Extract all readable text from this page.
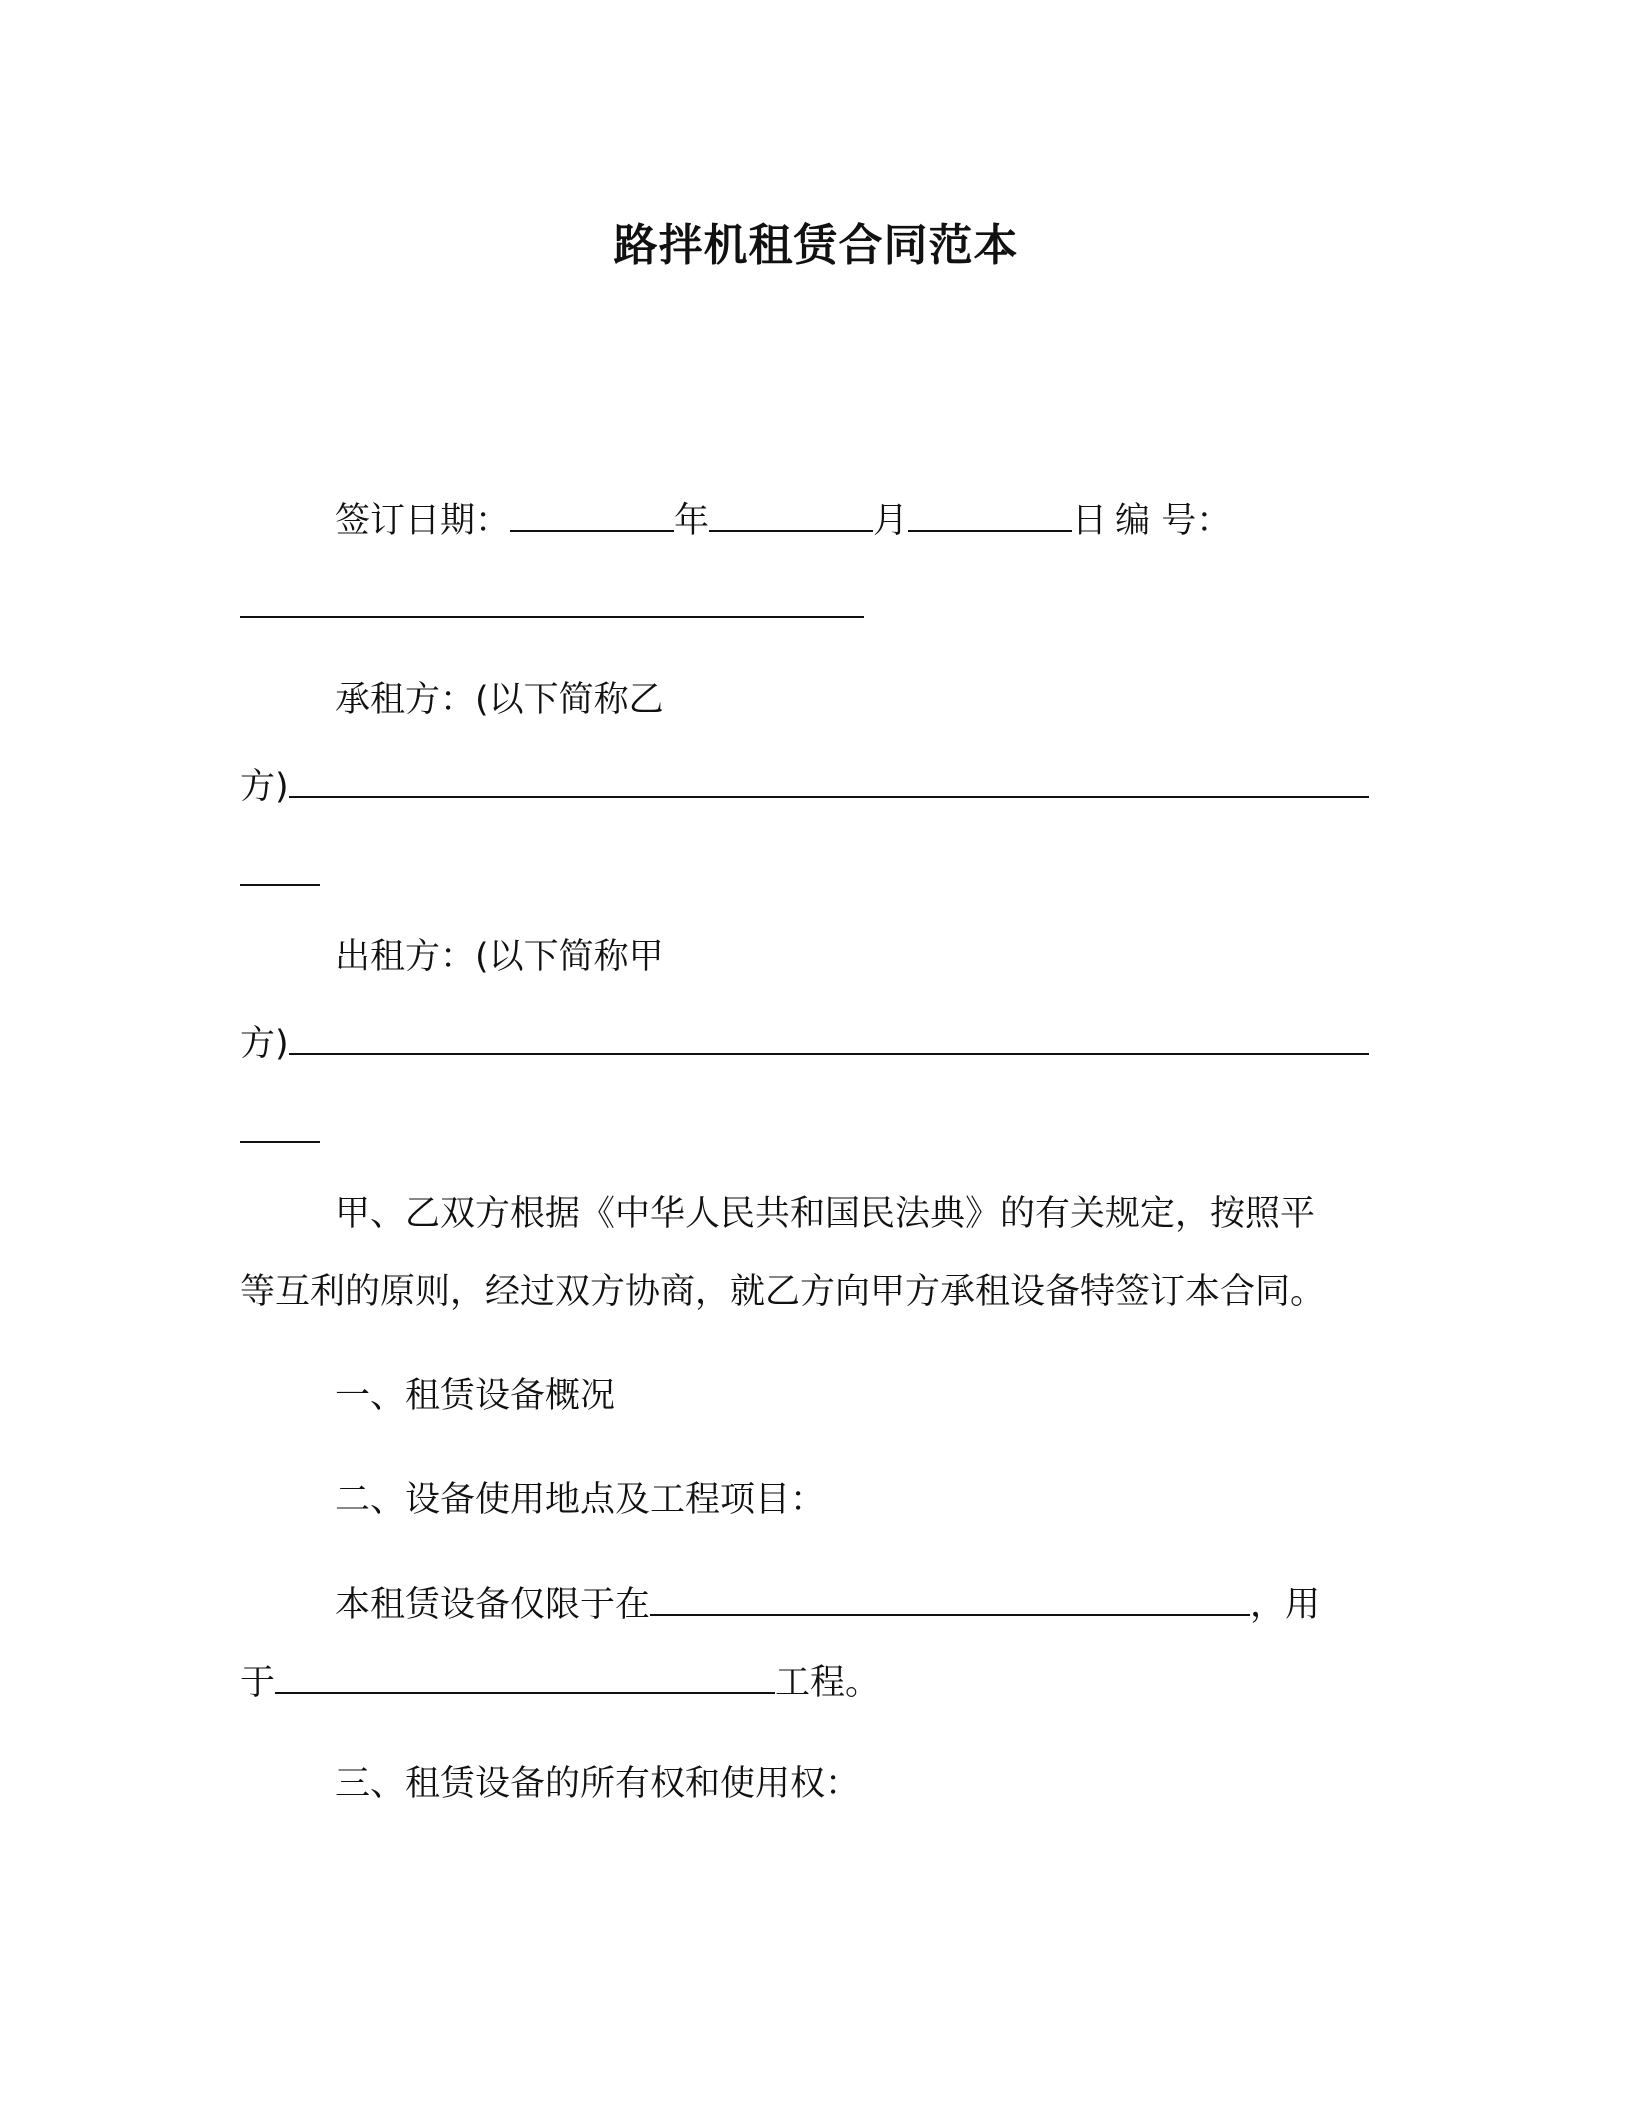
路拌机租赁合同范本
签订日期：	年	月	日 编 号：
承租方：(以下简称乙
方)
出租方：(以下简称甲
方)
甲、乙双方根据《中华人民共和国民法典》的有关规定，按照平
等互利的原则，经过双方协商，就乙方向甲方承租设备特签订本合同。
一、租赁设备概况
二、设备使用地点及工程项目：
本租赁设备仅限于在	，用
于	工程。
三、租赁设备的所有权和使用权：
